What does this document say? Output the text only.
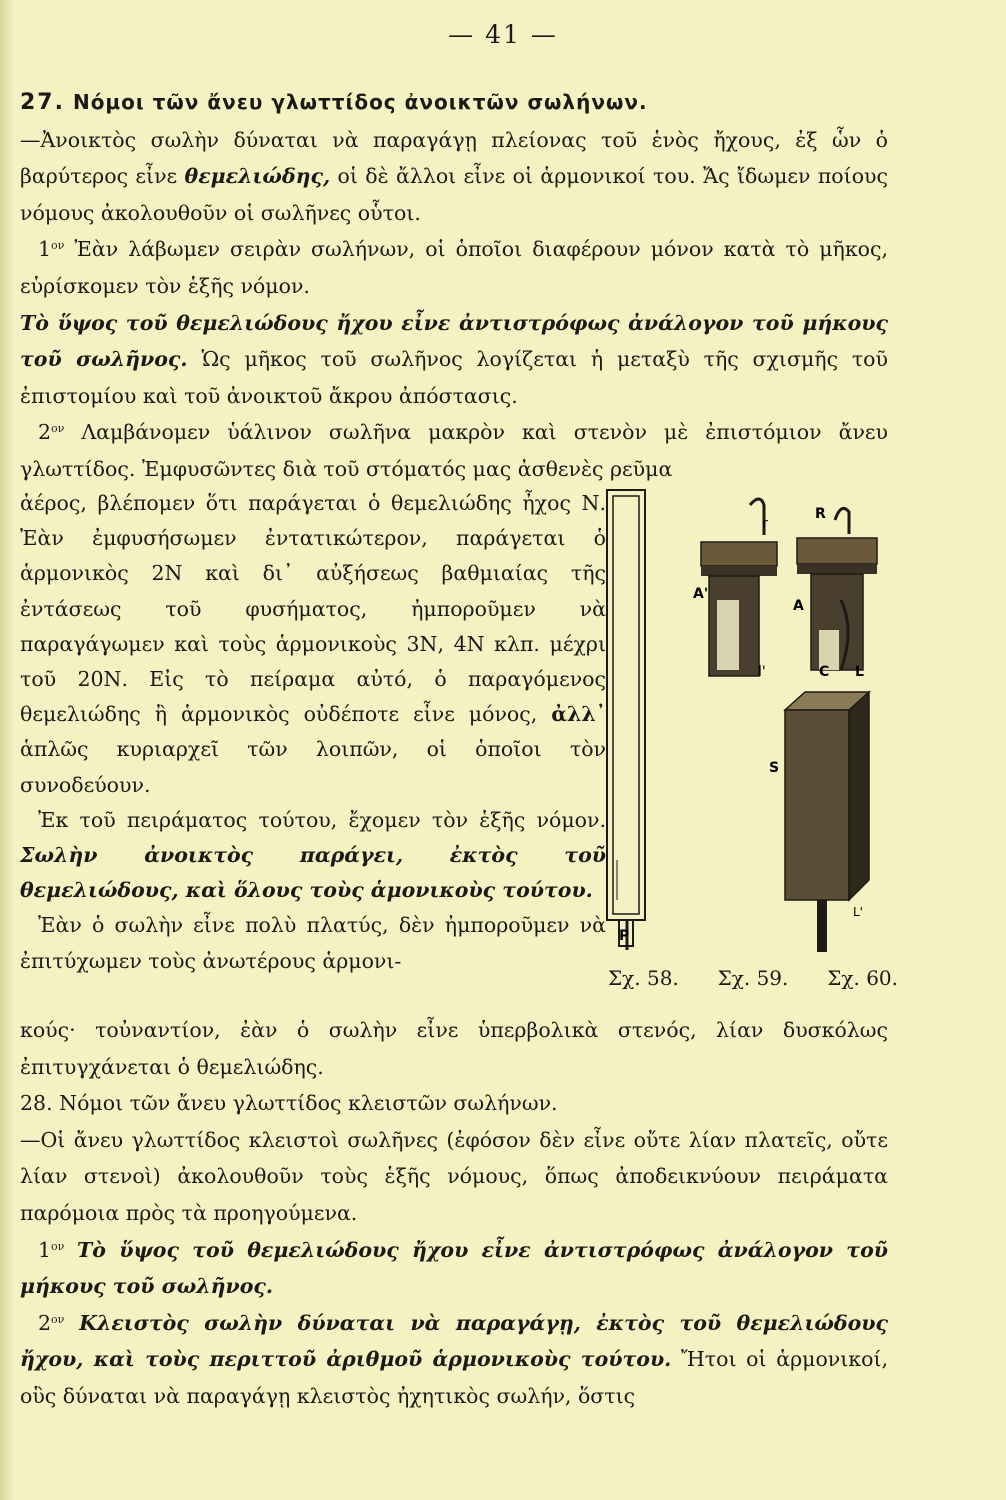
— 41 —

27. Νόμοι τῶν ἄνευ γλωττίδος ἀνοικτῶν σωλήνων.

—Ἀνοικτὸς σωλὴν δύναται νὰ παραγάγῃ πλείονας τοῦ ἑνὸς ἤχους, ἐξ ὧν ὁ βαρύτερος εἶνε θεμελιώδης, οἱ δὲ ἄλλοι εἶνε οἱ ἁρμονικοί του. Ἄς ἴδωμεν ποίους νόμους ἀκολουθοῦν οἱ σωλῆνες οὗτοι.

$1^{o\nu}$ Ἐὰν λάβωμεν σειρὰν σωλήνων, οἱ ὁποῖοι διαφέρουν μόνον κατὰ τὸ μῆκος, εὑρίσκομεν τὸν ἑξῆς νόμον.

Τὸ ὕψος τοῦ θεμελιώδους ἤχου εἶνε ἀντιστρόφως ἀνάλογον τοῦ μήκους τοῦ σωλῆνος. Ὡς μῆκος τοῦ σωλῆνος λογίζεται ἡ μεταξὺ τῆς σχισμῆς τοῦ ἐπιστομίου καὶ τοῦ ἀνοικτοῦ ἄκρου ἀπόστασις.

$2^{o\nu}$ Λαμβάνομεν ὑάλινον σωλῆνα μακρὸν καὶ στενὸν μὲ ἐπιστόμιον ἄνευ γλωττίδος. Ἐμφυσῶντες διὰ τοῦ στόματός μας ἀσθενὲς ρεῦμα

ἀέρος, βλέπομεν ὅτι παράγεται ὁ θεμελιώδης ἦχος Ν. Ἐὰν ἐμφυσήσωμεν ἐντατικώτερον, παράγεται ὁ ἁρμονικὸς 2Ν καὶ δι᾽ αὐξήσεως βαθμιαίας τῆς ἐντάσεως τοῦ φυσήματος, ἠμποροῦμεν νὰ παραγάγωμεν καὶ τοὺς ἁρμονικοὺς 3Ν, 4Ν κλπ. μέχρι τοῦ 20Ν. Εἰς τὸ πείραμα αὐτό, ὁ παραγόμενος θεμελιώδης ἢ ἁρμονικὸς οὐδέποτε εἶνε μόνος, ἀλλ᾽ ἁπλῶς κυριαρχεῖ τῶν λοιπῶν, οἱ ὁποῖοι τὸν συνοδεύουν.

Ἐκ τοῦ πειράματος τούτου, ἔχομεν τὸν ἑξῆς νόμον. Σωλὴν ἀνοικτὸς παράγει, ἐκτὸς τοῦ θεμελιώδους, καὶ ὅλους τοὺς ἁμονικοὺς τούτου.

Ἐὰν ὁ σωλὴν εἶνε πολὺ πλατύς, δὲν ἠμποροῦμεν νὰ ἐπιτύχωμεν τοὺς ἀνωτέρους ἁρμονι-

P
r
A'
l'
R
A
C L
S
L'
Σχ. 58. Σχ. 59. Σχ. 60.

κούς· τοὐναντίον, ἐὰν ὁ σωλὴν εἶνε ὑπερβολικὰ στενός, λίαν δυσκόλως ἐπιτυγχάνεται ὁ θεμελιώδης.

28. Νόμοι τῶν ἄνευ γλωττίδος κλειστῶν σωλήνων.

—Οἱ ἄνευ γλωττίδος κλειστοὶ σωλῆνες (ἐφόσον δὲν εἶνε οὔτε λίαν πλατεῖς, οὔτε λίαν στενοὶ) ἀκολουθοῦν τοὺς ἑξῆς νόμους, ὅπως ἀποδεικνύουν πειράματα παρόμοια πρὸς τὰ προηγούμενα.

$1^{o\nu}$ Τὸ ὕψος τοῦ θεμελιώδους ἤχου εἶνε ἀντιστρόφως ἀνάλογον τοῦ μήκους τοῦ σωλῆνος.

$2^{o\nu}$ Κλειστὸς σωλὴν δύναται νὰ παραγάγῃ, ἐκτὸς τοῦ θεμελιώδους ἤχου, καὶ τοὺς περιττοῦ ἀριθμοῦ ἁρμονικοὺς τούτου. Ἤτοι οἱ ἁρμονικοί, οὓς δύναται νὰ παραγάγῃ κλειστὸς ἠχητικὸς σωλήν, ὅστις
